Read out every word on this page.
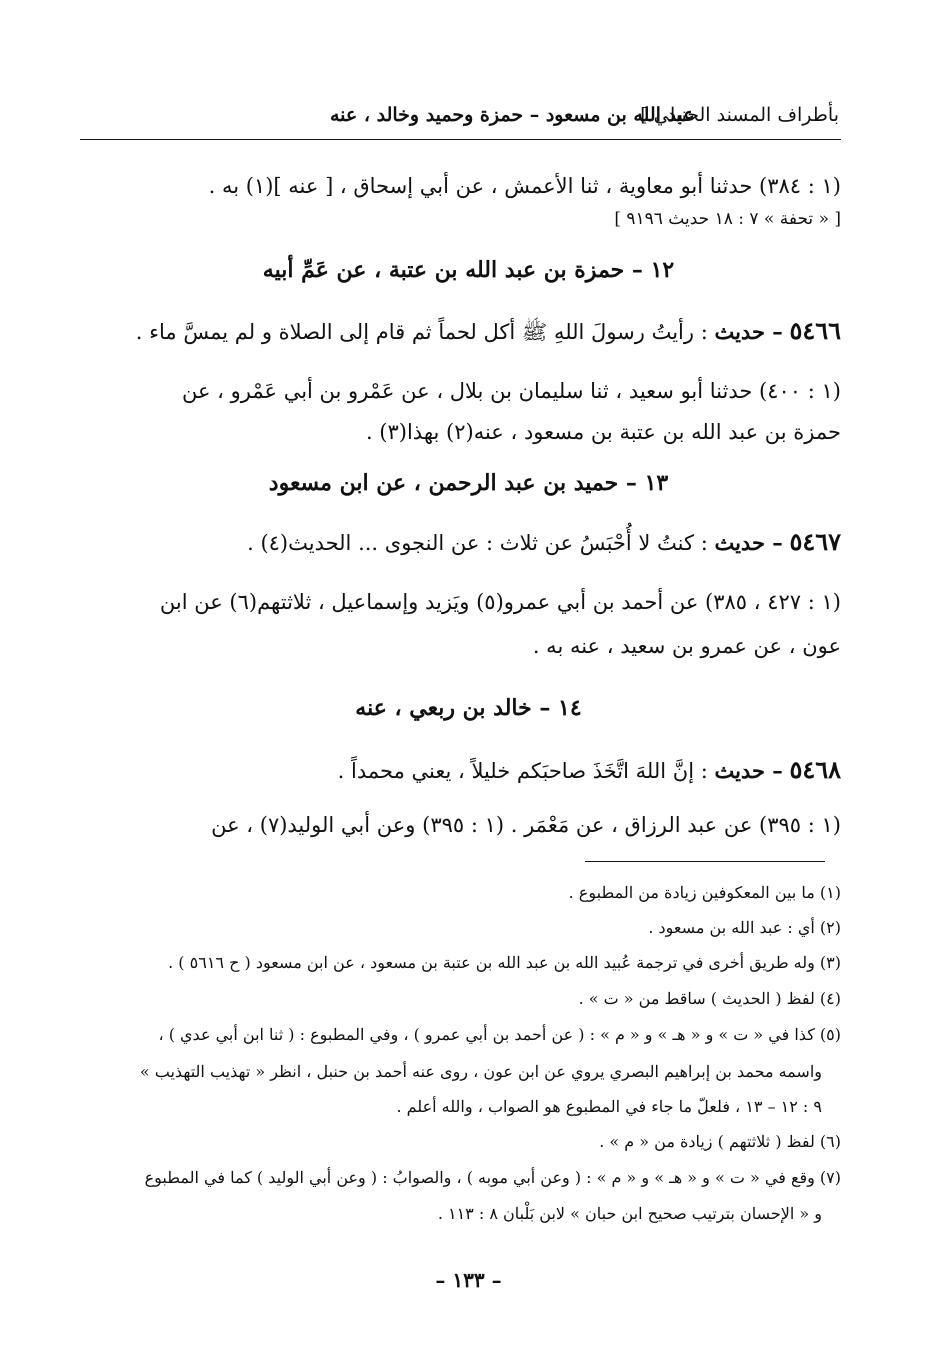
بأطراف المسند الحنبلي ]
عبد الله بن مسعود – حمزة وحميد وخالد ، عنه
(١ : ٣٨٤) حدثنا أبو معاوية ، ثنا الأعمش ، عن أبي إسحاق ، [ عنه ](١) به .
[ « تحفة » ٧ : ١٨ حديث ٩١٩٦ ]
١٢ – حمزة بن عبد الله بن عتبة ، عن عَمِّ أبيه
٥٤٦٦ – حديث : رأيتُ رسولَ اللهِ ﷺ أكل لحماً ثم قام إلى الصلاة و لم يمسَّ ماء .
(١ : ٤٠٠) حدثنا أبو سعيد ، ثنا سليمان بن بلال ، عن عَمْرو بن أبي عَمْرو ، عن
حمزة بن عبد الله بن عتبة بن مسعود ، عنه(٢) بهذا(٣) .
١٣ – حميد بن عبد الرحمن ، عن ابن مسعود
٥٤٦٧ – حديث : كنتُ لا أُحْبَسُ عن ثلاث : عن النجوى ... الحديث(٤) .
(١ : ٤٢٧ ، ٣٨٥) عن أحمد بن أبي عمرو(٥) ويَزيد وإسماعيل ، ثلاثتهم(٦) عن ابن
عون ، عن عمرو بن سعيد ، عنه به .
١٤ – خالد بن ربعي ، عنه
٥٤٦٨ – حديث : إنَّ اللهَ اتَّخَذَ صاحبَكم خليلاً ، يعني محمداً .
(١ : ٣٩٥) عن عبد الرزاق ، عن مَعْمَر . (١ : ٣٩٥) وعن أبي الوليد(٧) ، عن
(١) ما بين المعكوفين زيادة من المطبوع .
(٢) أي : عبد الله بن مسعود .
(٣) وله طريق أخرى في ترجمة عُبيد الله بن عبد الله بن عتبة بن مسعود ، عن ابن مسعود ( ح ٥٦١٦ ) .
(٤) لفظ ( الحديث ) ساقط من « ت » .
(٥) كذا في « ت » و « هـ » و « م » : ( عن أحمد بن أبي عمرو ) ، وفي المطبوع : ( ثنا ابن أبي عدي ) ،
واسمه محمد بن إبراهيم البصري يروي عن ابن عون ، روى عنه أحمد بن حنبل ، انظر « تهذيب التهذيب »
٩ : ١٢ – ١٣ ، فلعلّ ما جاء في المطبوع هو الصواب ، والله أعلم .
(٦) لفظ ( ثلاثتهم ) زيادة من « م » .
(٧) وقع في « ت » و « هـ » و « م » : ( وعن أبي موبه ) ، والصوابُ : ( وعن أبي الوليد ) كما في المطبوع
و « الإحسان بترتيب صحيح ابن حبان » لابن بَلْبان ٨ : ١١٣ .
– ١٣٣ –
